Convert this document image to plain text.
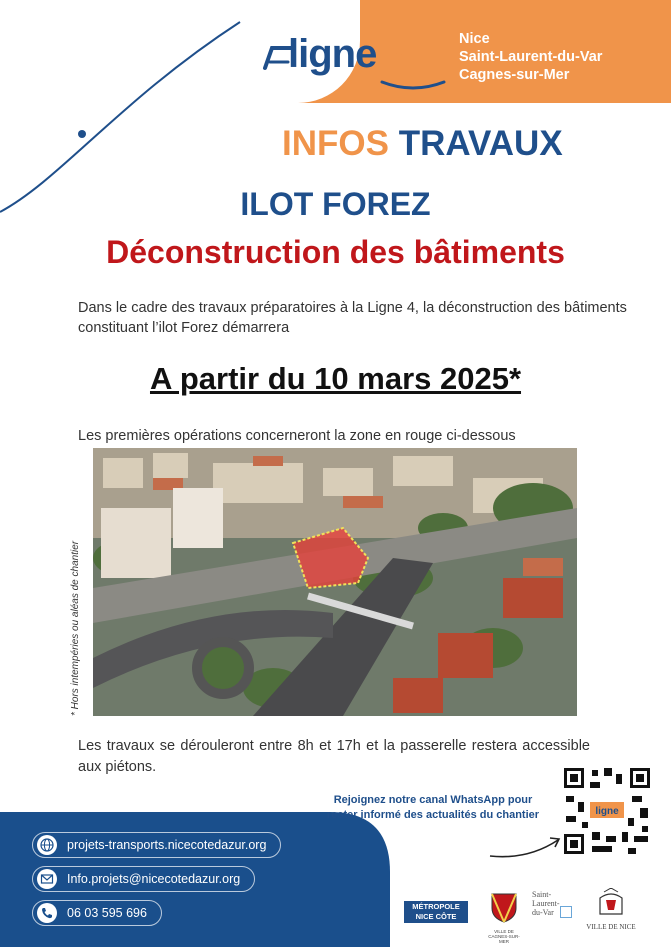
ligne 4	Nice
Saint-Laurent-du-Var
Cagnes-sur-Mer
INFOS TRAVAUX
ILOT FOREZ
Déconstruction des bâtiments
Dans le cadre des travaux préparatoires à la Ligne 4, la déconstruction des bâtiments constituant l’ilot Forez démarrera
A partir du 10 mars 2025*
Les premières opérations concerneront la zone en rouge ci-dessous
* Hors intempéries ou aléas de chantier
Les travaux se dérouleront entre 8h et 17h et la passerelle restera accessible aux piétons.
projets-transports.nicecotedazur.org
Info.projets@nicecotedazur.org
06 03 595 696
Rejoignez notre canal WhatsApp pour rester informé des actualités du chantier	ligne
MÉTROPOLE NICE CÔTE D'AZUR
VILLE DE CAGNES-SUR-MER
Saint-Laurent-du-Var
VILLE DE NICE
